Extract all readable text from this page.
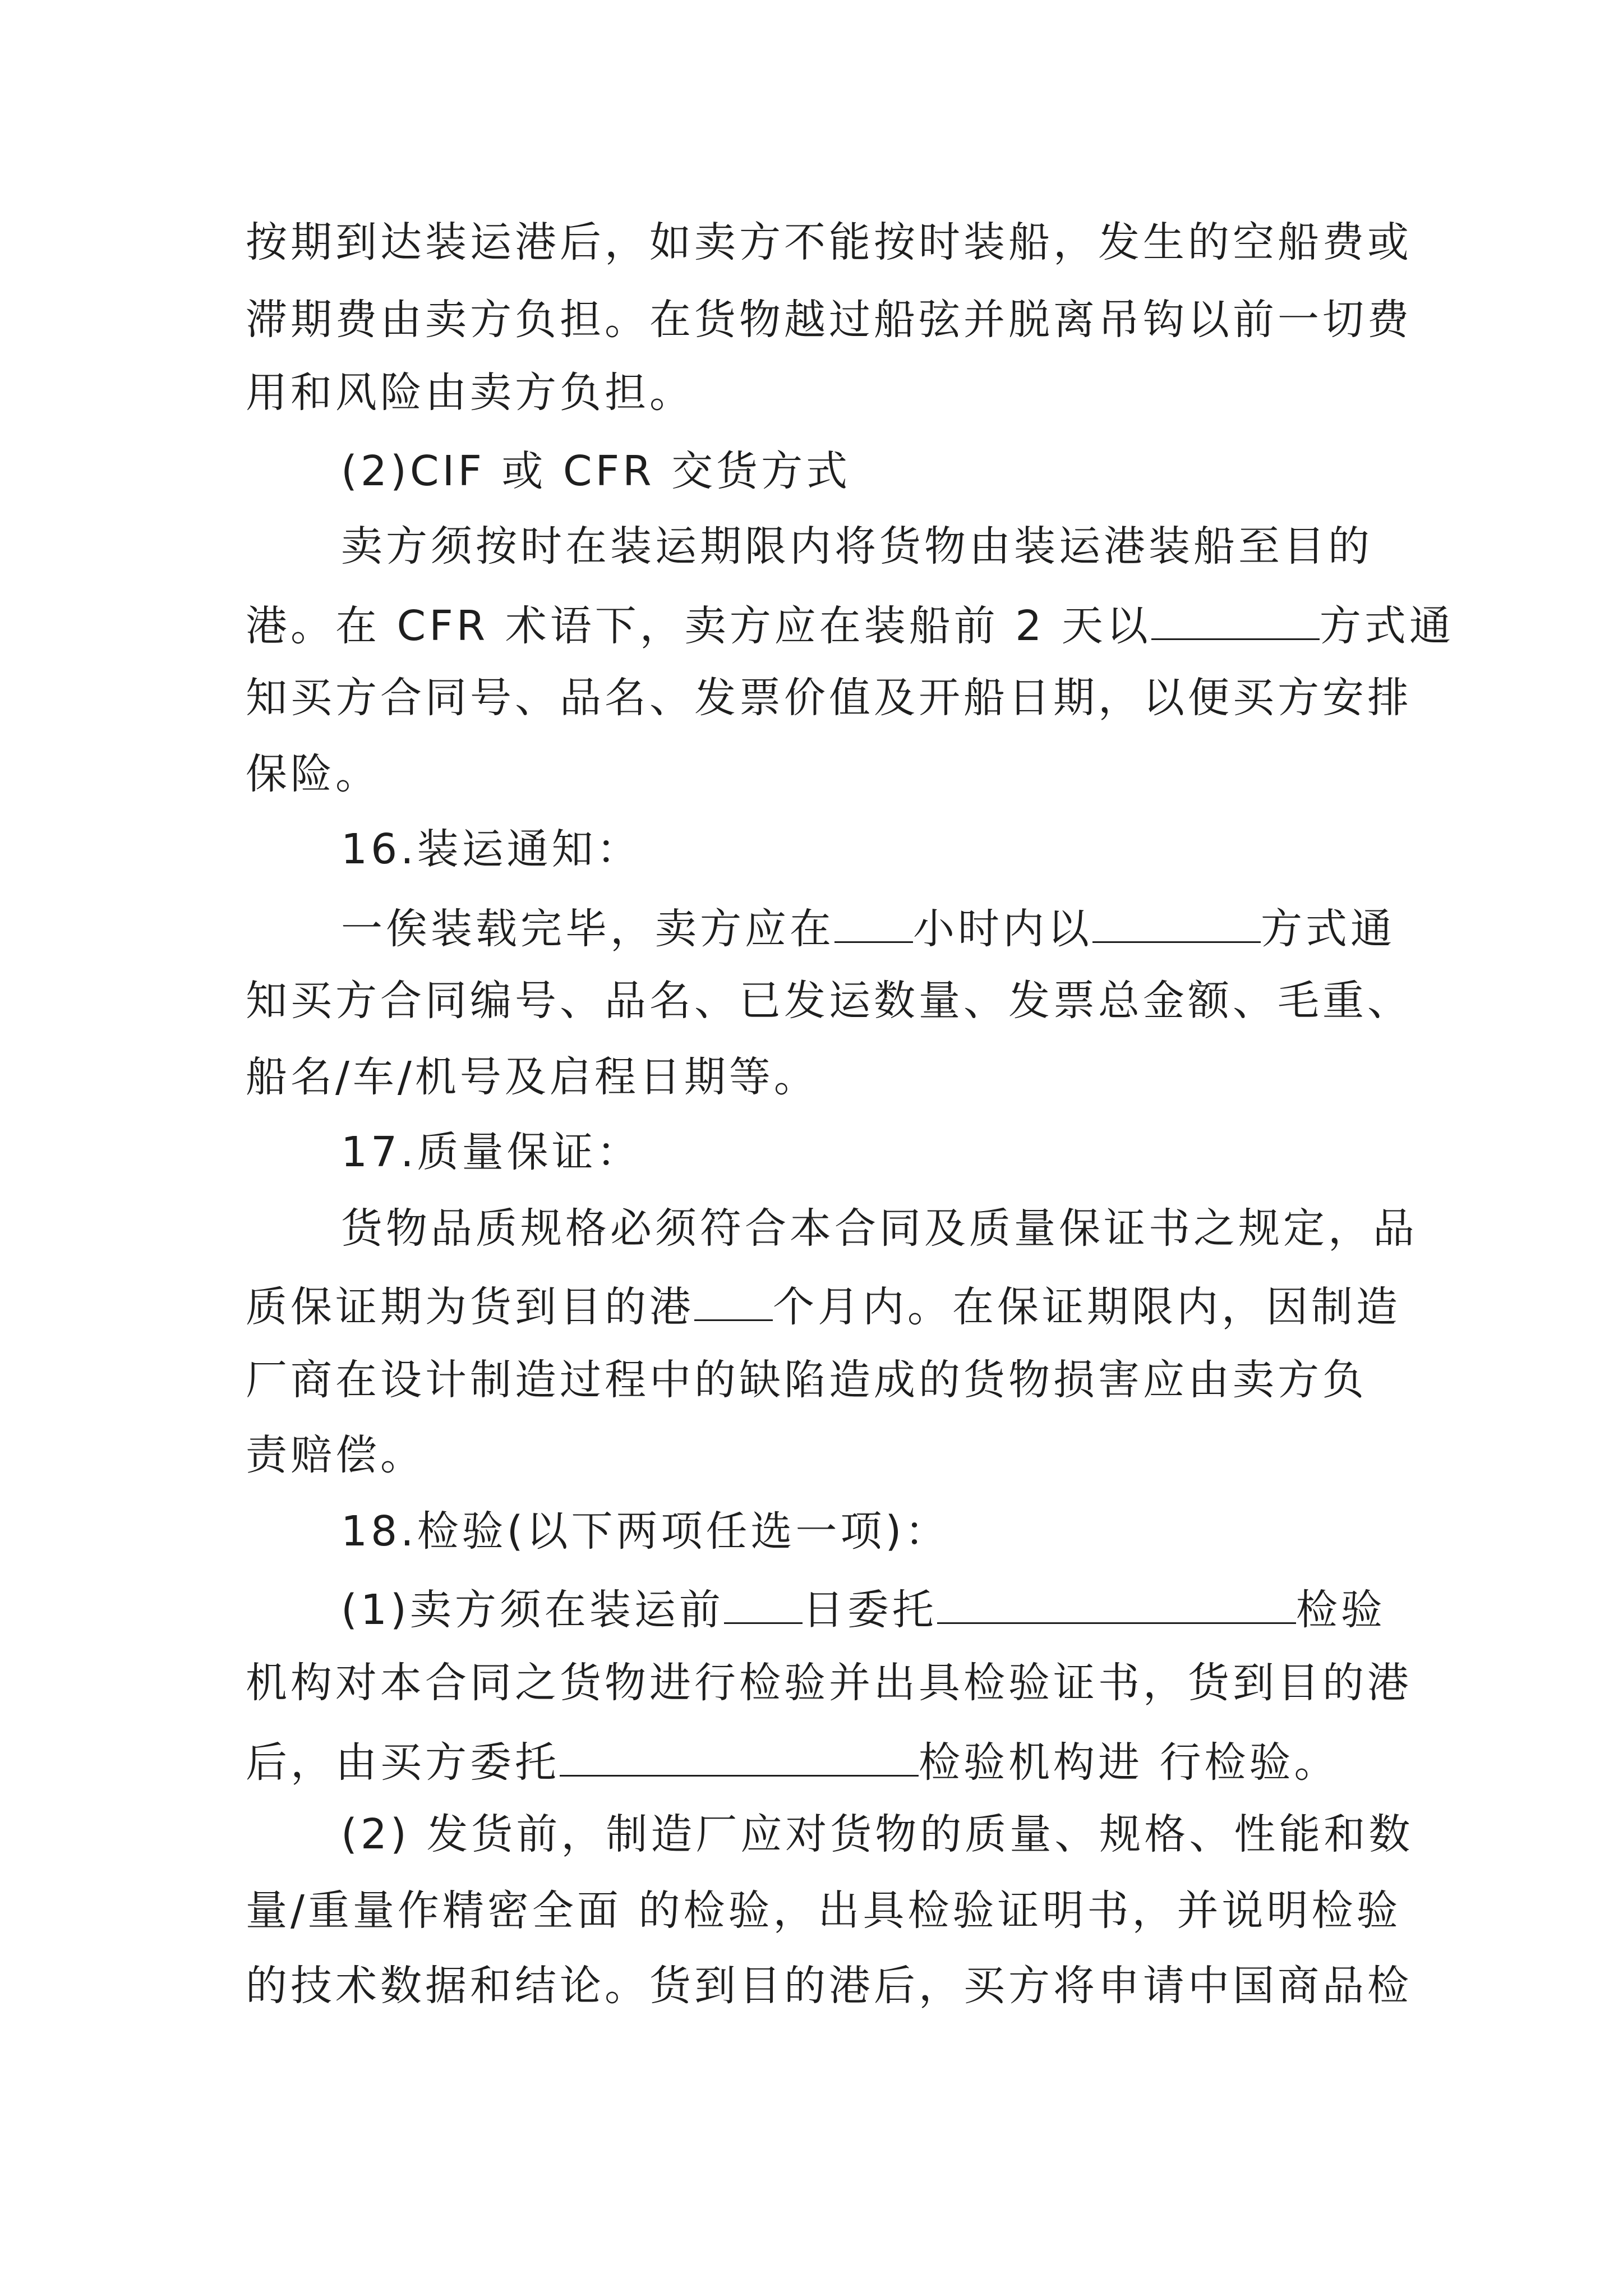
按期到达装运港后，如卖方不能按时装船，发生的空船费或
滞期费由卖方负担。在货物越过船弦并脱离吊钩以前一切费
用和风险由卖方负担。
(2)CIF 或 CFR 交货方式
卖方须按时在装运期限内将货物由装运港装船至目的
港。在 CFR 术语下，卖方应在装船前 2 天以	方式通
知买方合同号、品名、发票价值及开船日期，以便买方安排
保险。
16.装运通知：
一俟装载完毕，卖方应在 小时内以	方式通
知买方合同编号、品名、已发运数量、发票总金额、毛重、
船名/车/机号及启程日期等。
17.质量保证：
货物品质规格必须符合本合同及质量保证书之规定，品
质保证期为货到目的港 个月内。在保证期限内，因制造
厂商在设计制造过程中的缺陷造成的货物损害应由卖方负
责赔偿。
18.检验(以下两项任选一项)：
(1)卖方须在装运前 日委托	检验
机构对本合同之货物进行检验并出具检验证书，货到目的港
后，由买方委托	检验机构进 行检验。
(2) 发货前，制造厂应对货物的质量、规格、性能和数
量/重量作精密全面 的检验，出具检验证明书，并说明检验
的技术数据和结论。货到目的港后，买方将申请中国商品检
